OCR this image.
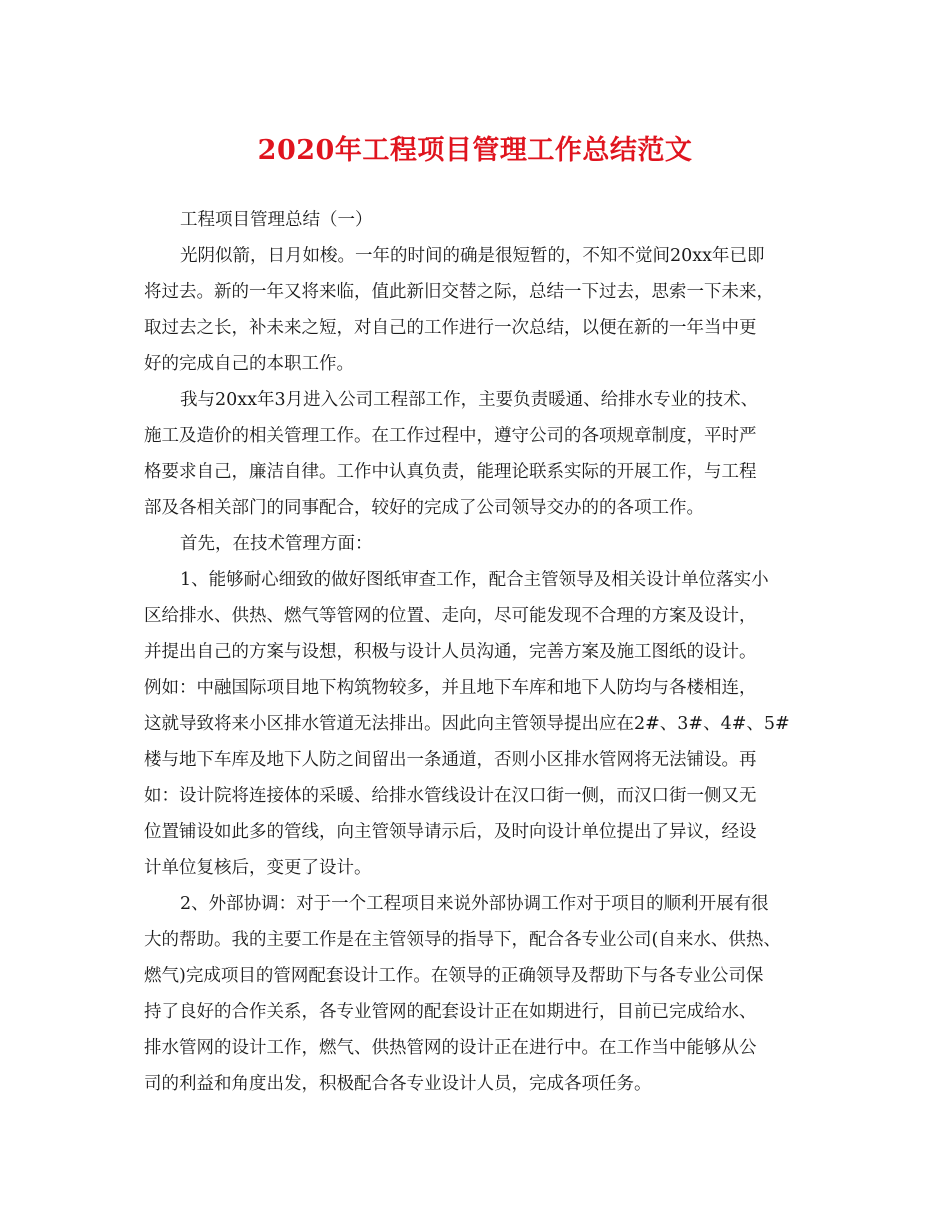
2020年工程项目管理工作总结范文
工程项目管理总结（一）
光阴似箭，日月如梭。一年的时间的确是很短暂的，不知不觉间20xx年已即
将过去。新的一年又将来临，值此新旧交替之际，总结一下过去，思索一下未来，
取过去之长，补未来之短，对自己的工作进行一次总结，以便在新的一年当中更
好的完成自己的本职工作。
我与20xx年3月进入公司工程部工作，主要负责暖通、给排水专业的技术、
施工及造价的相关管理工作。在工作过程中，遵守公司的各项规章制度，平时严
格要求自己，廉洁自律。工作中认真负责，能理论联系实际的开展工作，与工程
部及各相关部门的同事配合，较好的完成了公司领导交办的的各项工作。
首先，在技术管理方面：
1、能够耐心细致的做好图纸审查工作，配合主管领导及相关设计单位落实小
区给排水、供热、燃气等管网的位置、走向，尽可能发现不合理的方案及设计，
并提出自己的方案与设想，积极与设计人员沟通，完善方案及施工图纸的设计。
例如：中融国际项目地下构筑物较多，并且地下车库和地下人防均与各楼相连，
这就导致将来小区排水管道无法排出。因此向主管领导提出应在2#、3#、4#、5#
楼与地下车库及地下人防之间留出一条通道，否则小区排水管网将无法铺设。再
如：设计院将连接体的采暖、给排水管线设计在汉口街一侧，而汉口街一侧又无
位置铺设如此多的管线，向主管领导请示后，及时向设计单位提出了异议，经设
计单位复核后，变更了设计。
2、外部协调：对于一个工程项目来说外部协调工作对于项目的顺利开展有很
大的帮助。我的主要工作是在主管领导的指导下，配合各专业公司(自来水、供热、
燃气)完成项目的管网配套设计工作。在领导的正确领导及帮助下与各专业公司保
持了良好的合作关系，各专业管网的配套设计正在如期进行，目前已完成给水、
排水管网的设计工作，燃气、供热管网的设计正在进行中。在工作当中能够从公
司的利益和角度出发，积极配合各专业设计人员，完成各项任务。
